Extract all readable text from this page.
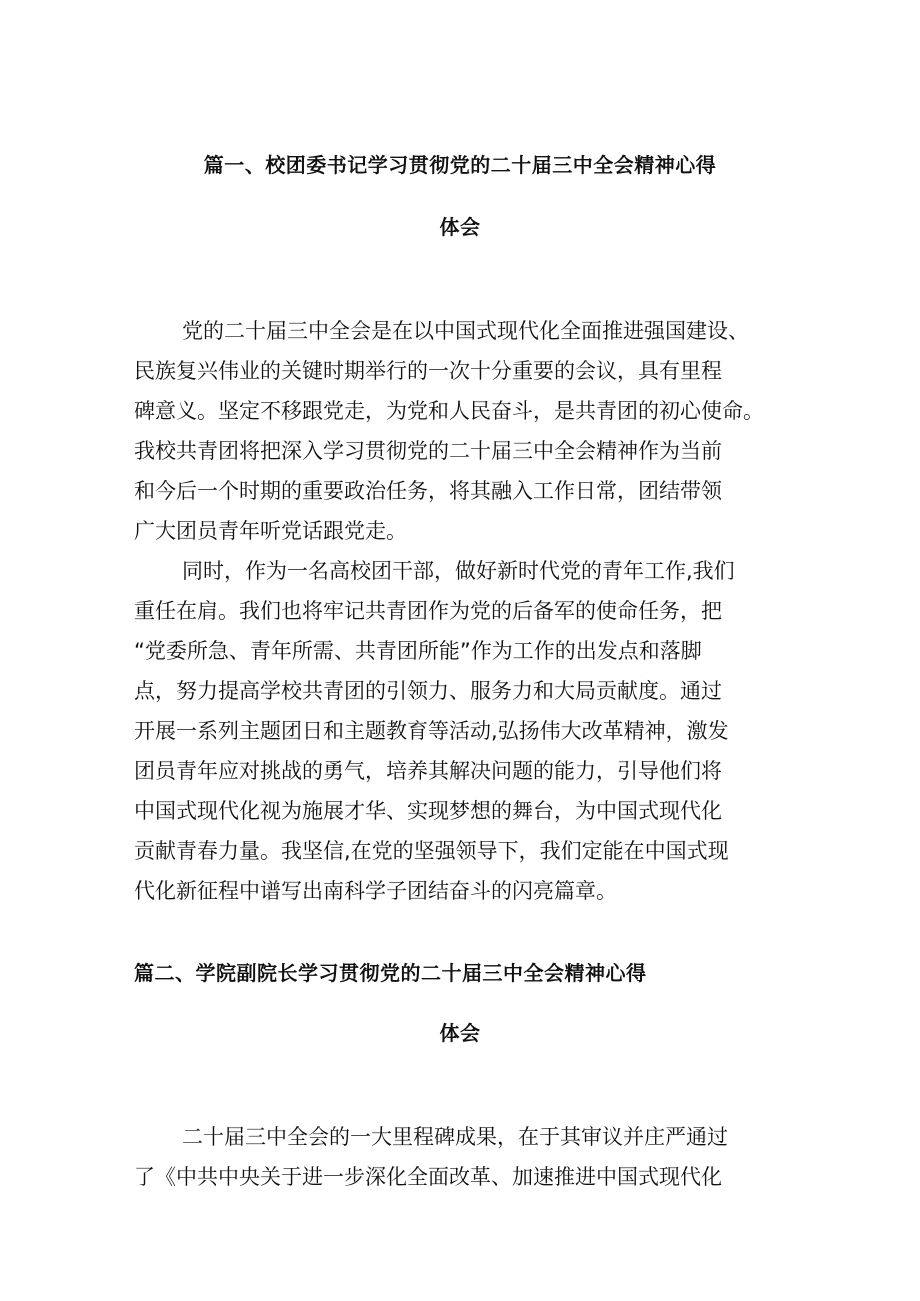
篇一、校团委书记学习贯彻党的二十届三中全会精神心得
体会
党的二十届三中全会是在以中国式现代化全面推进强国建设、
民族复兴伟业的关键时期举行的一次十分重要的会议，具有里程
碑意义。坚定不移跟党走，为党和人民奋斗，是共青团的初心使命。
我校共青团将把深入学习贯彻党的二十届三中全会精神作为当前
和今后一个时期的重要政治任务，将其融入工作日常，团结带领
广大团员青年听党话跟党走。
同时，作为一名高校团干部，做好新时代党的青年工作,我们
重任在肩。我们也将牢记共青团作为党的后备军的使命任务，把
“党委所急、青年所需、共青团所能”作为工作的出发点和落脚
点，努力提高学校共青团的引领力、服务力和大局贡献度。通过
开展一系列主题团日和主题教育等活动,弘扬伟大改革精神，激发
团员青年应对挑战的勇气，培养其解决问题的能力，引导他们将
中国式现代化视为施展才华、实现梦想的舞台，为中国式现代化
贡献青春力量。我坚信,在党的坚强领导下，我们定能在中国式现
代化新征程中谱写出南科学子团结奋斗的闪亮篇章。
篇二、学院副院长学习贯彻党的二十届三中全会精神心得
体会
二十届三中全会的一大里程碑成果，在于其审议并庄严通过
了《中共中央关于进一步深化全面改革、加速推进中国式现代化
